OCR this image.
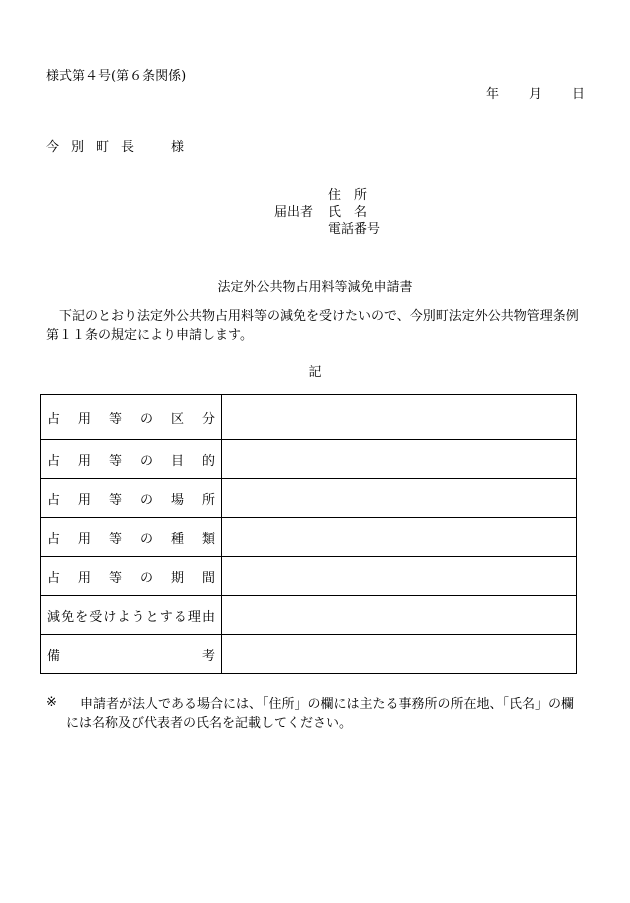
様式第４号(第６条関係)
年 月 日
今別町長　様
住　所
届出者 氏　名
電話番号
法定外公共物占用料等減免申請書
下記のとおり法定外公共物占用料等の減免を受けたいので、今別町法定外公共物管理条例第１１条の規定により申請します。
記
占用等の区分	

占用等の目的	

占用等の場所	

占用等の種類	

占用等の期間	

減免を受けようとする理由	

備考	

※	申請者が法人である場合には、「住所」の欄には主たる事務所の所在地、「氏名」の欄には名称及び代表者の氏名を記載してください。
